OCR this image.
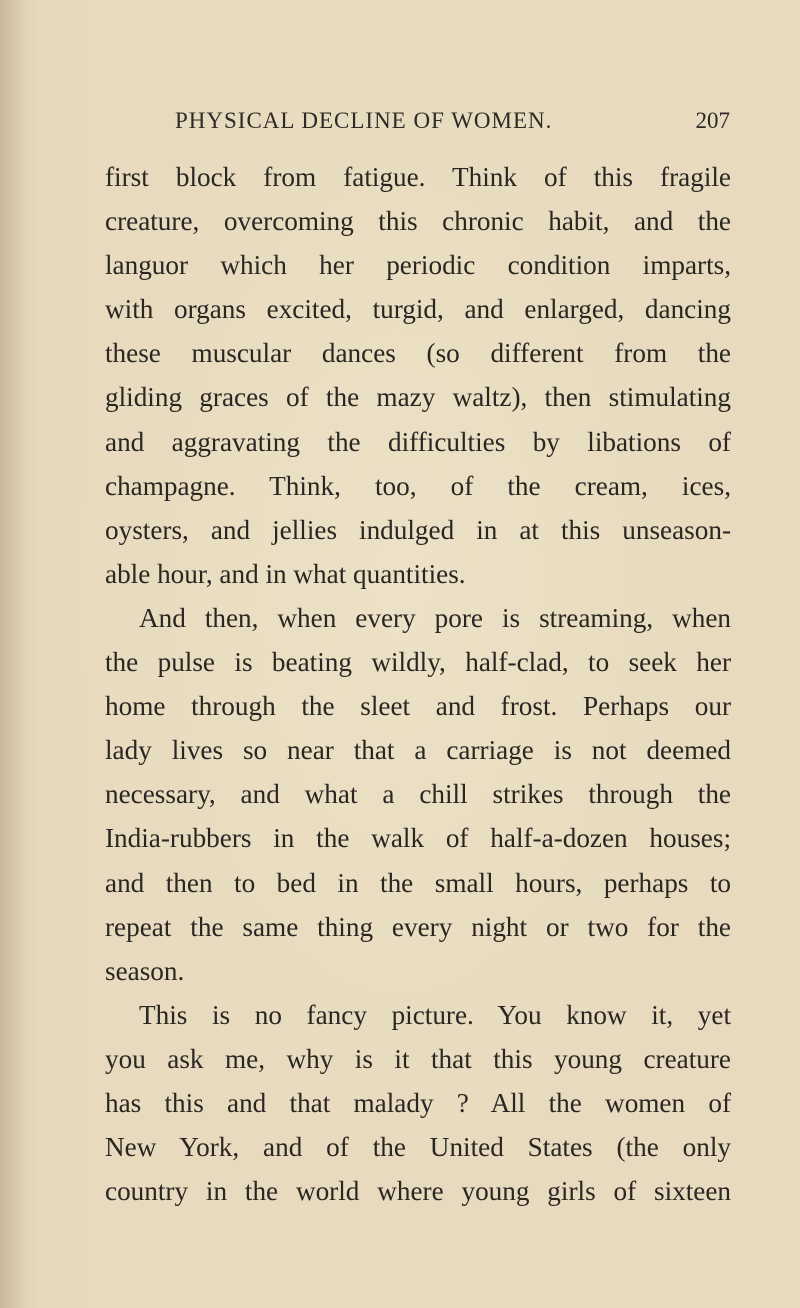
PHYSICAL DECLINE OF WOMEN.	207
first block from fatigue. Think of this fragile
creature, overcoming this chronic habit, and the
languor which her periodic condition imparts,
with organs excited, turgid, and enlarged, dancing
these muscular dances (so different from the
gliding graces of the mazy waltz), then stimulating
and aggravating the difficulties by libations of
champagne. Think, too, of the cream, ices,
oysters, and jellies indulged in at this unseason-
able hour, and in what quantities.
And then, when every pore is streaming, when
the pulse is beating wildly, half-clad, to seek her
home through the sleet and frost. Perhaps our
lady lives so near that a carriage is not deemed
necessary, and what a chill strikes through the
India-rubbers in the walk of half-a-dozen houses;
and then to bed in the small hours, perhaps to
repeat the same thing every night or two for the
season.
This is no fancy picture. You know it, yet
you ask me, why is it that this young creature
has this and that malady ? All the women of
New York, and of the United States (the only
country in the world where young girls of sixteen
